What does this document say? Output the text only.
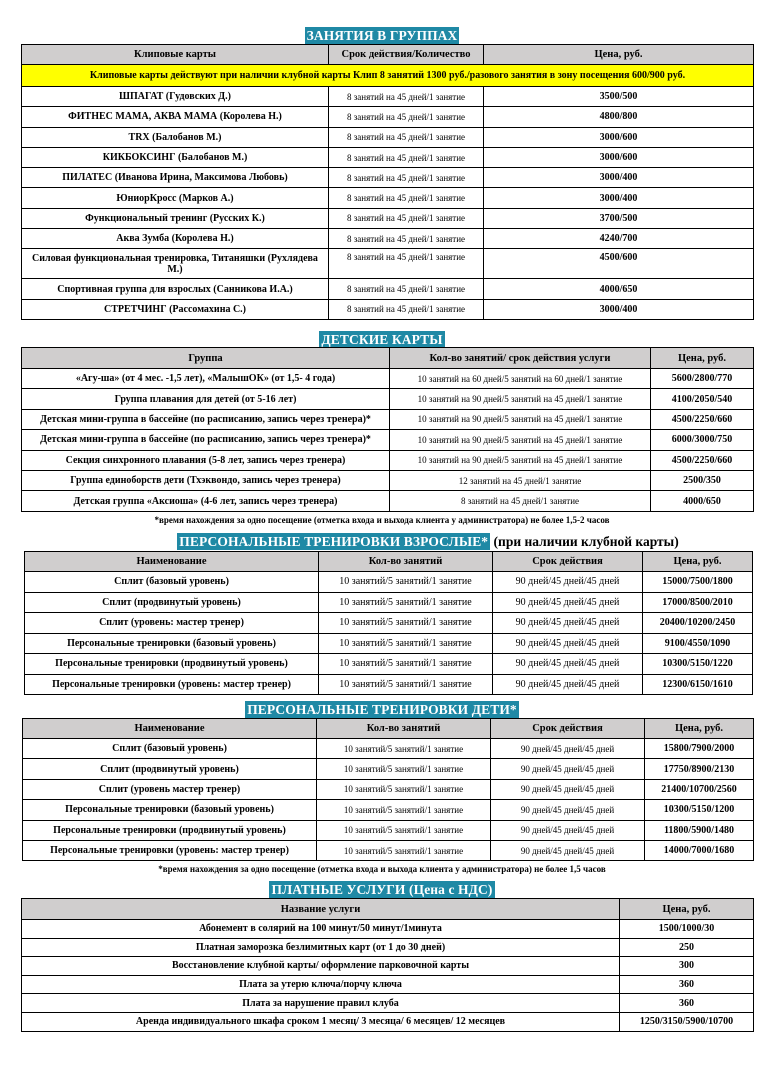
ЗАНЯТИЯ В ГРУППАХ
Клиповые карты	Срок действия/Количество	Цена, руб.
Клиповые карты действуют при наличии клубной карты Клип 8 занятий 1300 руб./разового занятия в зону посещения 600/900 руб.		
ШПАГАТ (Гудовских Д.)	8 занятий на 45 дней/1 занятие	3500/500
ФИТНЕС МАМА, АКВА МАМА (Королева Н.)	8 занятий на 45 дней/1 занятие	4800/800
TRX (Балобанов М.)	8 занятий на 45 дней/1 занятие	3000/600
КИКБОКСИНГ (Балобанов М.)	8 занятий на 45 дней/1 занятие	3000/600
ПИЛАТЕС (Иванова Ирина, Максимова Любовь)	8 занятий на 45 дней/1 занятие	3000/400
ЮниорКросс (Марков А.)	8 занятий на 45 дней/1 занятие	3000/400
Функциональный тренинг (Русских К.)	8 занятий на 45 дней/1 занятие	3700/500
Аква Зумба (Королева Н.)	8 занятий на 45 дней/1 занятие	4240/700
Силовая функциональная тренировка, Титаняшки (Рухлядева М.)	8 занятий на 45 дней/1 занятие	4500/600
Спортивная группа для взрослых (Санникова И.А.)	8 занятий на 45 дней/1 занятие	4000/650
СТРЕТЧИНГ (Рассомахина С.)	8 занятий на 45 дней/1 занятие	3000/400
ДЕТСКИЕ КАРТЫ
Группа	Кол-во занятий/ срок действия услуги	Цена, руб.
«Агу-ша» (от 4 мес. -1,5 лет), «МалышОК» (от 1,5- 4 года)	10 занятий на 60 дней/5 занятий на 60 дней/1 занятие	5600/2800/770
Группа плавания для детей (от 5-16 лет)	10 занятий на 90 дней/5 занятий на 45 дней/1 занятие	4100/2050/540
Детская мини-группа в бассейне (по расписанию, запись через тренера)*	10 занятий на 90 дней/5 занятий на 45 дней/1 занятие	4500/2250/660
Детская мини-группа в бассейне (по расписанию, запись через тренера)*	10 занятий на 90 дней/5 занятий на 45 дней/1 занятие	6000/3000/750
Секция синхронного плавания (5-8 лет, запись через тренера)	10 занятий на 90 дней/5 занятий на 45 дней/1 занятие	4500/2250/660
Группа единоборств дети (Тхэквондо, запись через тренера)	12 занятий на 45 дней/1 занятие	2500/350
Детская группа «Аксиоша» (4-6 лет, запись через тренера)	8 занятий на 45 дней/1 занятие	4000/650
*время нахождения за одно посещение (отметка входа и выхода клиента у администратора) не более 1,5-2 часов
ПЕРСОНАЛЬНЫЕ ТРЕНИРОВКИ ВЗРОСЛЫЕ* (при наличии клубной карты)
Наименование	Кол-во занятий	Срок действия	Цена, руб.
Сплит (базовый уровень)	10 занятий/5 занятий/1 занятие	90 дней/45 дней/45 дней	15000/7500/1800
Сплит (продвинутый уровень)	10 занятий/5 занятий/1 занятие	90 дней/45 дней/45 дней	17000/8500/2010
Сплит (уровень: мастер тренер)	10 занятий/5 занятий/1 занятие	90 дней/45 дней/45 дней	20400/10200/2450
Персональные тренировки (базовый уровень)	10 занятий/5 занятий/1 занятие	90 дней/45 дней/45 дней	9100/4550/1090
Персональные тренировки (продвинутый уровень)	10 занятий/5 занятий/1 занятие	90 дней/45 дней/45 дней	10300/5150/1220
Персональные тренировки (уровень: мастер тренер)	10 занятий/5 занятий/1 занятие	90 дней/45 дней/45 дней	12300/6150/1610
ПЕРСОНАЛЬНЫЕ ТРЕНИРОВКИ ДЕТИ*
Наименование	Кол-во занятий	Срок действия	Цена, руб.
Сплит (базовый уровень)	10 занятий/5 занятий/1 занятие	90 дней/45 дней/45 дней	15800/7900/2000
Сплит (продвинутый уровень)	10 занятий/5 занятий/1 занятие	90 дней/45 дней/45 дней	17750/8900/2130
Сплит (уровень мастер тренер)	10 занятий/5 занятий/1 занятие	90 дней/45 дней/45 дней	21400/10700/2560
Персональные тренировки (базовый уровень)	10 занятий/5 занятий/1 занятие	90 дней/45 дней/45 дней	10300/5150/1200
Персональные тренировки (продвинутый уровень)	10 занятий/5 занятий/1 занятие	90 дней/45 дней/45 дней	11800/5900/1480
Персональные тренировки (уровень: мастер тренер)	10 занятий/5 занятий/1 занятие	90 дней/45 дней/45 дней	14000/7000/1680
*время нахождения за одно посещение (отметка входа и выхода клиента у администратора) не более 1,5 часов
ПЛАТНЫЕ УСЛУГИ (Цена с НДС)
Название услуги	Цена, руб.
Абонемент в солярий на 100 минут/50 минут/1минута	1500/1000/30
Платная заморозка безлимитных карт (от 1 до 30 дней)	250
Восстановление клубной карты/ оформление парковочной карты	300
Плата за утерю ключа/порчу ключа	360
Плата за нарушение правил клуба	360
Аренда индивидуального шкафа сроком 1 месяц/ 3 месяца/ 6 месяцев/ 12 месяцев	1250/3150/5900/10700
